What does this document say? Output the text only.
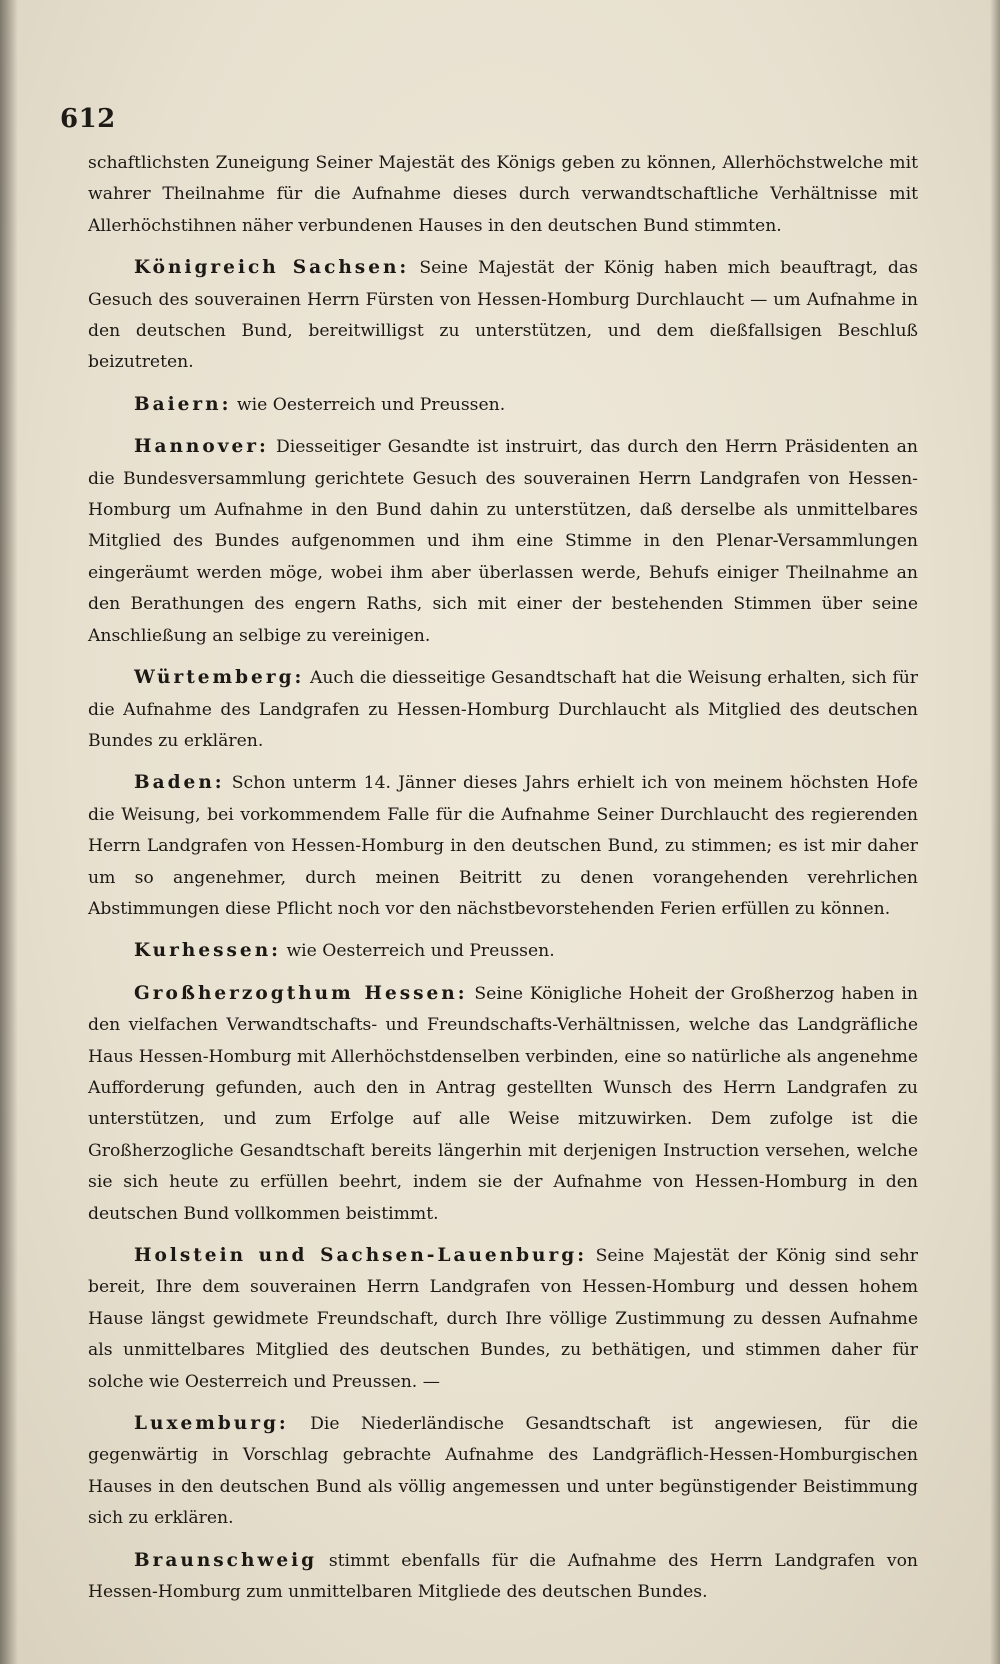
612

schaftlichsten Zuneigung Seiner Majestät des Königs geben zu können, Allerhöchstwelche mit wahrer Theilnahme für die Aufnahme dieses durch verwandtschaftliche Verhältnisse mit Allerhöchstihnen näher verbundenen Hauses in den deutschen Bund stimmten.

Königreich Sachsen: Seine Majestät der König haben mich beauftragt, das Gesuch des souverainen Herrn Fürsten von Hessen-Homburg Durchlaucht — um Aufnahme in den deutschen Bund, bereitwilligst zu unterstützen, und dem dießfallsigen Beschluß beizutreten.

Baiern: wie Oesterreich und Preussen.

Hannover: Diesseitiger Gesandte ist instruirt, das durch den Herrn Präsidenten an die Bundesversammlung gerichtete Gesuch des souverainen Herrn Landgrafen von Hessen-Homburg um Aufnahme in den Bund dahin zu unterstützen, daß derselbe als unmittelbares Mitglied des Bundes aufgenommen und ihm eine Stimme in den Plenar-Versammlungen eingeräumt werden möge, wobei ihm aber überlassen werde, Behufs einiger Theilnahme an den Berathungen des engern Raths, sich mit einer der bestehenden Stimmen über seine Anschließung an selbige zu vereinigen.

Würtemberg: Auch die diesseitige Gesandtschaft hat die Weisung erhalten, sich für die Aufnahme des Landgrafen zu Hessen-Homburg Durchlaucht als Mitglied des deutschen Bundes zu erklären.

Baden: Schon unterm 14. Jänner dieses Jahrs erhielt ich von meinem höchsten Hofe die Weisung, bei vorkommendem Falle für die Aufnahme Seiner Durchlaucht des regierenden Herrn Landgrafen von Hessen-Homburg in den deutschen Bund, zu stimmen; es ist mir daher um so angenehmer, durch meinen Beitritt zu denen vorangehenden verehrlichen Abstimmungen diese Pflicht noch vor den nächstbevorstehenden Ferien erfüllen zu können.

Kurhessen: wie Oesterreich und Preussen.

Großherzogthum Hessen: Seine Königliche Hoheit der Großherzog haben in den vielfachen Verwandtschafts- und Freundschafts-Verhältnissen, welche das Landgräfliche Haus Hessen-Homburg mit Allerhöchstdenselben verbinden, eine so natürliche als angenehme Aufforderung gefunden, auch den in Antrag gestellten Wunsch des Herrn Landgrafen zu unterstützen, und zum Erfolge auf alle Weise mitzuwirken. Dem zufolge ist die Großherzogliche Gesandtschaft bereits längerhin mit derjenigen Instruction versehen, welche sie sich heute zu erfüllen beehrt, indem sie der Aufnahme von Hessen-Homburg in den deutschen Bund vollkommen beistimmt.

Holstein und Sachsen-Lauenburg: Seine Majestät der König sind sehr bereit, Ihre dem souverainen Herrn Landgrafen von Hessen-Homburg und dessen hohem Hause längst gewidmete Freundschaft, durch Ihre völlige Zustimmung zu dessen Aufnahme als unmittelbares Mitglied des deutschen Bundes, zu bethätigen, und stimmen daher für solche wie Oesterreich und Preussen. —

Luxemburg: Die Niederländische Gesandtschaft ist angewiesen, für die gegenwärtig in Vorschlag gebrachte Aufnahme des Landgräflich-Hessen-Homburgischen Hauses in den deutschen Bund als völlig angemessen und unter begünstigender Beistimmung sich zu erklären.

Braunschweig stimmt ebenfalls für die Aufnahme des Herrn Landgrafen von Hessen-Homburg zum unmittelbaren Mitgliede des deutschen Bundes.
